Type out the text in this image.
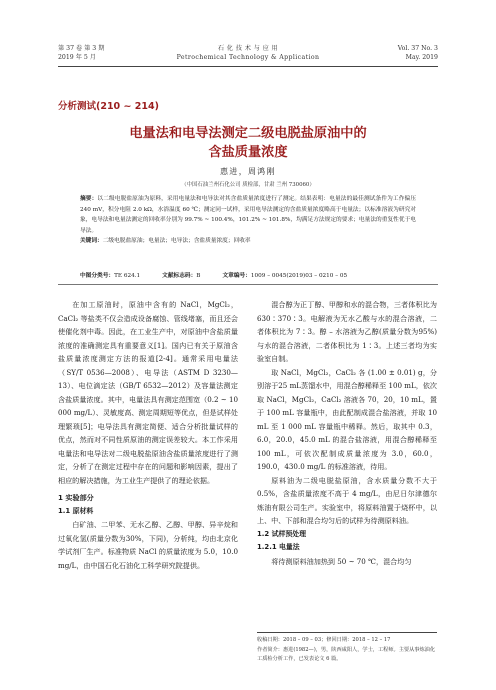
第 37 卷 第 3 期
2019 年 5 月
石 化 技 术 与 应 用
Petrochemical Technology & Application
Vol. 37 No. 3
May. 2019
分析测试(210 ~ 214)
电量法和电导法测定二级电脱盐原油中的
含盐质量浓度
惠进，周鸿刚
（中国石油兰州石化公司 质检部，甘肃 兰州 730060）
摘要：以二级电脱盐原油为原料，采用电量法和电导法对其含盐质量浓度进行了测定。结果表明：电量法的最佳测试条件为工作偏压 240 mV，积分电阻 2.0 kΩ，水浴温度 60 ℃；测定同一试样，采用电导法测定的含盐质量浓度略高于电量法；以标准溶液为研究对象，电导法和电量法测定的回收率分别为 99.7% ~ 100.4%，101.2% ~ 101.8%，均满足方法规定的要求；电量法的重复性优于电导法。
关键词：二级电脱盐原油；电量法；电导法；含盐质量浓度；回收率
中图分类号：TE 624.1	文献标志码：B	文章编号：1009 – 0045(2019)03 – 0210 – 05

在加工原油时，原油中含有的 NaCl，MgCl₂，CaCl₂ 等盐类不仅会造成设备腐蚀、管线堵塞，而且还会使催化剂中毒。因此，在工业生产中，对原油中含盐质量浓度的准确测定具有重要意义[1]。国内已有关于原油含盐质量浓度测定方法的报道[2-4]。通常采用电量法（SY/T 0536—2008）、电导法（ASTM D 3230—13）、电位滴定法（GB/T 6532—2012）及容量法测定含盐质量浓度。其中，电量法具有测定范围宽（0.2 ~ 10 000 mg/L）、灵敏度高、测定周期短等优点，但是试样处理繁琐[5]；电导法具有测定简便、适合分析批量试样的优点，然而对不同性质原油的测定误差较大。本工作采用电量法和电导法对二级电脱盐原油含盐质量浓度进行了测定，分析了在测定过程中存在的问题和影响因素，提出了相应的解决措施，为工业生产提供了的理论依据。

1 实验部分
1.1 原材料

白矿油、二甲苯、无水乙醇、乙醇、甲醇、异辛烷和过氧化氢(质量分数为30%，下同)，分析纯，均由北京化学试剂厂生产。标准物质 NaCl 的质量浓度为 5.0，10.0 mg/L，由中国石化石油化工科学研究院提供。

混合醇为正丁醇、甲醇和水的混合物，三者体积比为 630∶370∶3。电解液为无水乙酸与水的混合溶液，二者体积比为 7∶3。醇 – 水溶液为乙醇(质量分数为95%)与水的混合溶液，二者体积比为 1∶3。上述三者均为实验室自制。

取 NaCl，MgCl₂，CaCl₂ 各 (1.00 ± 0.01) g，分别溶于25 mL蒸馏水中，用混合醇稀释至 100 mL，依次取 NaCl，MgCl₂，CaCl₂ 溶液各 70，20，10 mL，置于 100 mL 容量瓶中，由此配制成混合盐溶液，并取 10 mL 至 1 000 mL 容量瓶中稀释。然后，取其中 0.3，6.0，20.0，45.0 mL 的混合盐溶液，用混合醇稀释至 100 mL，可依次配制成质量浓度为 3.0，60.0，190.0，430.0 mg/L 的标准溶液，待用。

原料油为二级电脱盐原油，含水质量分数不大于 0.5%，含盐质量浓度不高于 4 mg/L，由尼日尔津德尔炼油有限公司生产。实验室中，将原料油置于烧杯中，以上、中、下部和混合均匀后的试样为待测原料油。

1.2 试样预处理
1.2.1 电量法

将待测原料油加热到 50 ~ 70 ℃，混合均匀

收稿日期：2018 – 09 – 03；修回日期：2018 – 12 – 17

作者简介：惠进(1982—)，男，陕西咸阳人，学士，工程师。主要从事炼油化工质检分析工作，已发表论文 6 篇。
